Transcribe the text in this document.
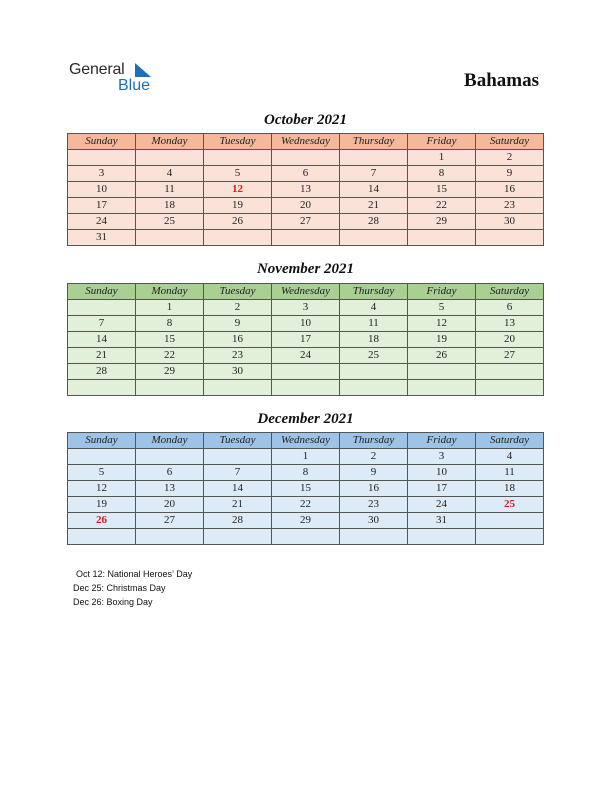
General
Blue	Bahamas
October 2021
Sunday	Monday	Tuesday	Wednesday	Thursday	Friday	Saturday
					1	2
3	4	5	6	7	8	9
10	11	12	13	14	15	16
17	18	19	20	21	22	23
24	25	26	27	28	29	30
31						
November 2021
Sunday	Monday	Tuesday	Wednesday	Thursday	Friday	Saturday
	1	2	3	4	5	6
7	8	9	10	11	12	13
14	15	16	17	18	19	20
21	22	23	24	25	26	27
28	29	30				

December 2021
Sunday	Monday	Tuesday	Wednesday	Thursday	Friday	Saturday
			1	2	3	4
5	6	7	8	9	10	11
12	13	14	15	16	17	18
19	20	21	22	23	24	25
26	27	28	29	30	31	

Oct 12: National Heroes’ Day
Dec 25: Christmas Day
Dec 26: Boxing Day
